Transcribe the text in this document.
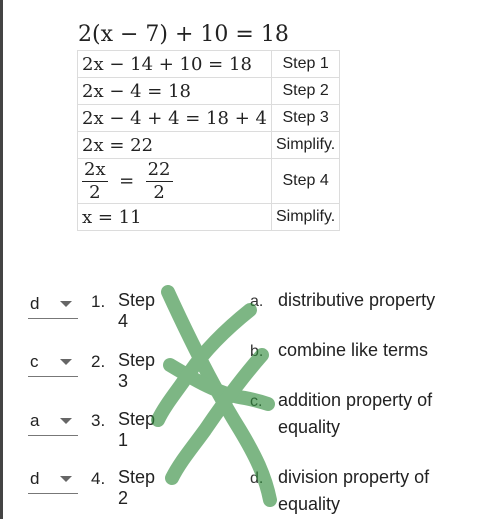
2(x − 7) + 10 = 18
2x − 14 + 10 = 18	Step 1
2x − 4 = 18	Step 2
2x − 4 + 4 = 18 + 4	Step 3
2x = 22	Simplify.

$\frac{2x}{2} = \frac{22}{2}$	Step 4
x = 11	Simplify.
d	1. Step 4
c	2. Step 3
a	3. Step 1
d	4. Step 2
a. distributive property
b. combine like terms
c. addition property of equality
d. division property of equality
